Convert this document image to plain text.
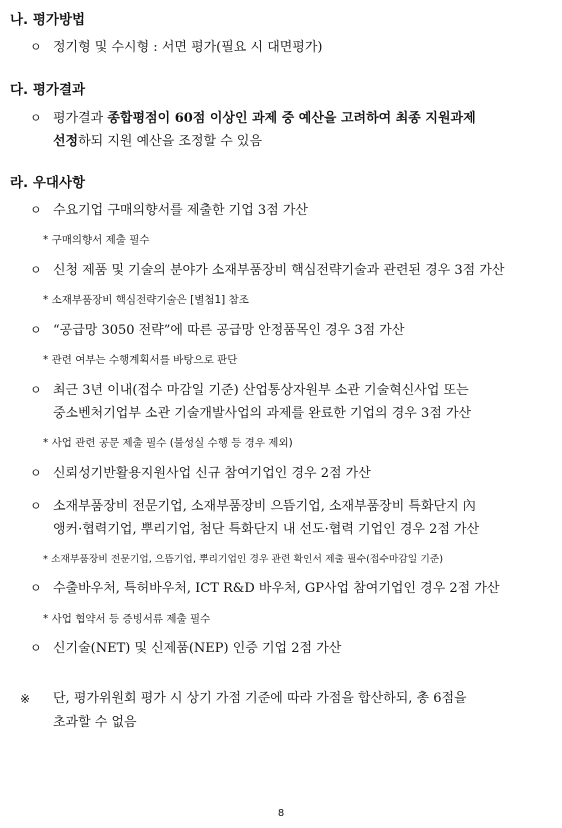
나. 평가방법
ㅇ 정기형 및 수시형 : 서면 평가(필요 시 대면평가)
다. 평가결과
ㅇ 평가결과 종합평점이 60점 이상인 과제 중 예산을 고려하여 최종 지원과제
선정하되 지원 예산을 조정할 수 있음
라. 우대사항
ㅇ 수요기업 구매의향서를 제출한 기업 3점 가산
* 구매의향서 제출 필수
ㅇ 신청 제품 및 기술의 분야가 소재부품장비 핵심전략기술과 관련된 경우 3점 가산
* 소재부품장비 핵심전략기술은 [별첨1] 참조
ㅇ “공급망 3050 전략”에 따른 공급망 안정품목인 경우 3점 가산
* 관련 여부는 수행계획서를 바탕으로 판단
ㅇ 최근 3년 이내(접수 마감일 기준) 산업통상자원부 소관 기술혁신사업 또는
중소벤처기업부 소관 기술개발사업의 과제를 완료한 기업의 경우 3점 가산
* 사업 관련 공문 제출 필수 (불성실 수행 등 경우 제외)
ㅇ 신뢰성기반활용지원사업 신규 참여기업인 경우 2점 가산
ㅇ 소재부품장비 전문기업, 소재부품장비 으뜸기업, 소재부품장비 특화단지 內
앵커·협력기업, 뿌리기업, 첨단 특화단지 내 선도·협력 기업인 경우 2점 가산
* 소재부품장비 전문기업, 으뜸기업, 뿌리기업인 경우 관련 확인서 제출 필수(접수마감일 기준)
ㅇ 수출바우처, 특허바우처, ICT R&D 바우처, GP사업 참여기업인 경우 2점 가산
* 사업 협약서 등 증빙서류 제출 필수
ㅇ 신기술(NET) 및 신제품(NEP) 인증 기업 2점 가산
※ 단, 평가위원회 평가 시 상기 가점 기준에 따라 가점을 합산하되, 총 6점을
초과할 수 없음
8
